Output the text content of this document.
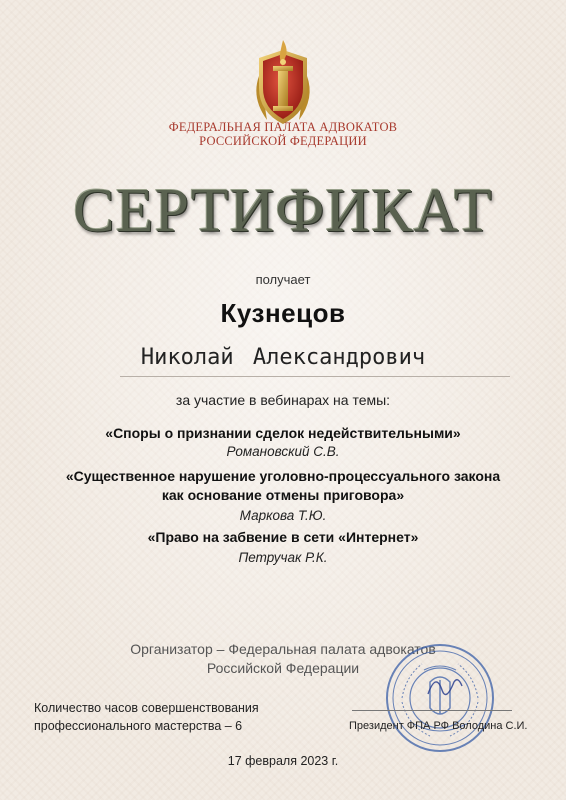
ФЕДЕРАЛЬНАЯ ПАЛАТА АДВОКАТОВ
РОССИЙСКОЙ ФЕДЕРАЦИИ
СЕРТИФИКАТ
получает
Кузнецов
Николай Александрович
за участие в вебинарах на темы:
«Споры о признании сделок недействительными»
Романовский С.В.
«Существенное нарушение уголовно-процессуального закона
как основание отмены приговора»
Маркова Т.Ю.
«Право на забвение в сети «Интернет»
Петручак Р.К.
Организатор – Федеральная палата адвокатов
Российской Федерации
Количество часов совершенствования
профессионального мастерства – 6	Президент ФПА РФ Володина С.И.
17 февраля 2023 г.
